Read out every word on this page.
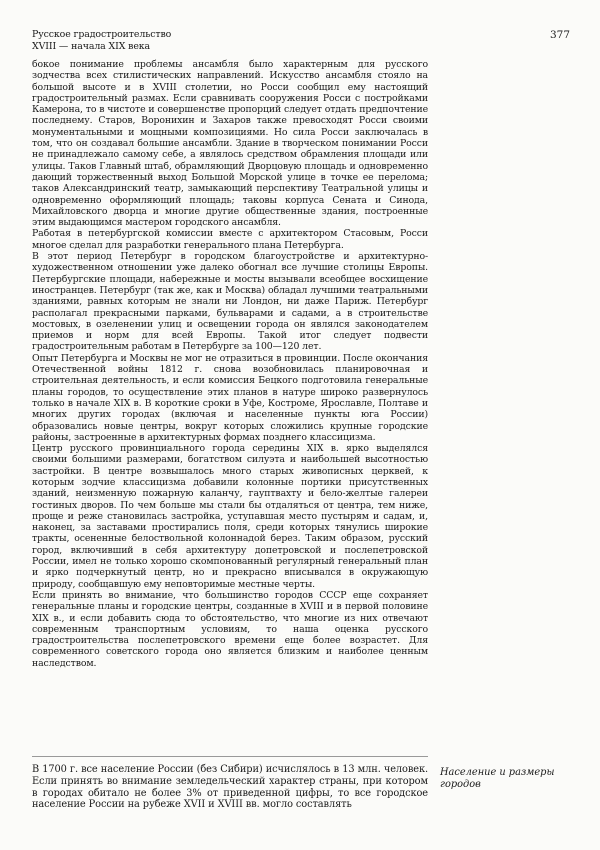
Русское градостроительство
XVIII — начала XIX века
377

бокое понимание проблемы ансамбля было характерным для русского зодчества всех стилистических направлений. Искусство ансамбля стояло на большой высоте и в XVIII столетии, но Росси сообщил ему настоящий градостроительный размах. Если сравнивать сооружения Росси с постройками Камерона, то в чистоте и совершенстве пропорций следует отдать предпочтение последнему. Старов, Воронихин и Захаров также превосходят Росси своими монументальными и мощными композициями. Но сила Росси заключалась в том, что он создавал большие ансамбли. Здание в творческом понимании Росси не принадлежало самому себе, а являлось средством обрамления площади или улицы. Таков Главный штаб, обрамляющий Дворцовую площадь и одновременно дающий торжественный выход Большой Морской улице в точке ее перелома; таков Александринский театр, замыкающий перспективу Театральной улицы и одновременно оформляющий площадь; таковы корпуса Сената и Синода, Михайловского дворца и многие другие общественные здания, построенные этим выдающимся мастером городского ансамбля.

Работая в петербургской комиссии вместе с архитектором Стасовым, Росси многое сделал для разработки генерального плана Петербурга.

В этот период Петербург в городском благоустройстве и архитектурно-художественном отношении уже далеко обогнал все лучшие столицы Европы. Петербургские площади, набережные и мосты вызывали всеобщее восхищение иностранцев. Петербург (так же, как и Москва) обладал лучшими театральными зданиями, равных которым не знали ни Лондон, ни даже Париж. Петербург располагал прекрасными парками, бульварами и садами, а в строительстве мостовых, в озеленении улиц и освещении города он являлся законодателем приемов и норм для всей Европы. Такой итог следует подвести градостроительным работам в Петербурге за 100—120 лет.

Опыт Петербурга и Москвы не мог не отразиться в провинции. После окончания Отечественной войны 1812 г. снова возобновилась планировочная и строительная деятельность, и если комиссия Бецкого подготовила генеральные планы городов, то осуществление этих планов в натуре широко развернулось только в начале XIX в. В короткие сроки в Уфе, Костроме, Ярославле, Полтаве и многих других городах (включая и населенные пункты юга России) образовались новые центры, вокруг которых сложились крупные городские районы, застроенные в архитектурных формах позднего классицизма.

Центр русского провинциального города середины XIX в. ярко выделялся своими большими размерами, богатством силуэта и наибольшей высотностью застройки. В центре возвышалось много старых живописных церквей, к которым зодчие классицизма добавили колонные портики присутственных зданий, неизменную пожарную каланчу, гауптвахту и бело-желтые галереи гостиных дворов. По чем больше мы стали бы отдаляться от центра, тем ниже, проще и реже становилась застройка, уступавшая место пустырям и садам, и, наконец, за заставами простирались поля, среди которых тянулись широкие тракты, осененные белоствольной колоннадой берез. Таким образом, русский город, включивший в себя архитектуру допетровской и послепетровской России, имел не только хорошо скомпонованный регулярный генеральный план и ярко подчеркнутый центр, но и прекрасно вписывался в окружающую природу, сообщавшую ему неповторимые местные черты.

Если принять во внимание, что большинство городов СССР еще сохраняет генеральные планы и городские центры, созданные в XVIII и в первой половине XIX в., и если добавить сюда то обстоятельство, что многие из них отвечают современным транспортным условиям, то наша оценка русского градостроительства послепетровского времени еще более возрастет. Для современного советского города оно является близким и наиболее ценным наследством.

В 1700 г. все население России (без Сибири) исчислялось в 13 млн. человек. Если принять во внимание земледельческий характер страны, при котором в городах обитало не более 3% от приведенной цифры, то все городское население России на рубеже XVII и XVIII вв. могло составлять

Население и размеры городов
